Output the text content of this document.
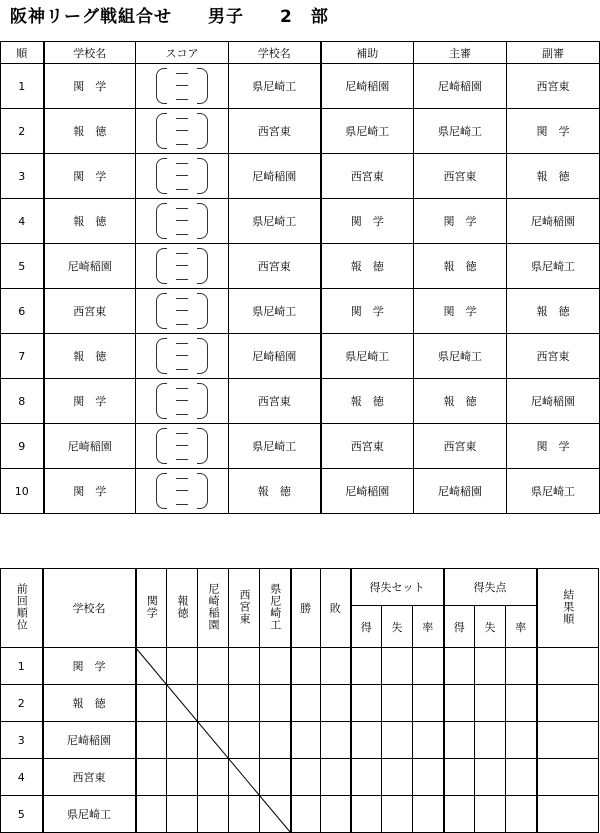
阪神リーグ戦組合せ　　 男子　　2　部
順	学校名	スコア	学校名	補助	主審	副審
1	関　学		県尼崎工	尼崎稲園	尼崎稲園	西宮東
2	報　徳		西宮東	県尼崎工	県尼崎工	関　学
3	関　学		尼崎稲園	西宮東	西宮東	報　徳
4	報　徳		県尼崎工	関　学	関　学	尼崎稲園
5	尼崎稲園		西宮東	報　徳	報　徳	県尼崎工
6	西宮東		県尼崎工	関　学	関　学	報　徳
7	報　徳		尼崎稲園	県尼崎工	県尼崎工	西宮東
8	関　学		西宮東	報　徳	報　徳	尼崎稲園
9	尼崎稲園		県尼崎工	西宮東	西宮東	関　学
10	関　学		報　徳	尼崎稲園	尼崎稲園	県尼崎工
前回順位	学校名	関学	報徳	尼崎稲園	西宮東	県尼崎工	勝	敗	得失セット			得失点			結果順
									得	失	率	得	失	率	
1	関　学														
2	報　徳														
3	尼崎稲園														
4	西宮東														
5	県尼崎工														
